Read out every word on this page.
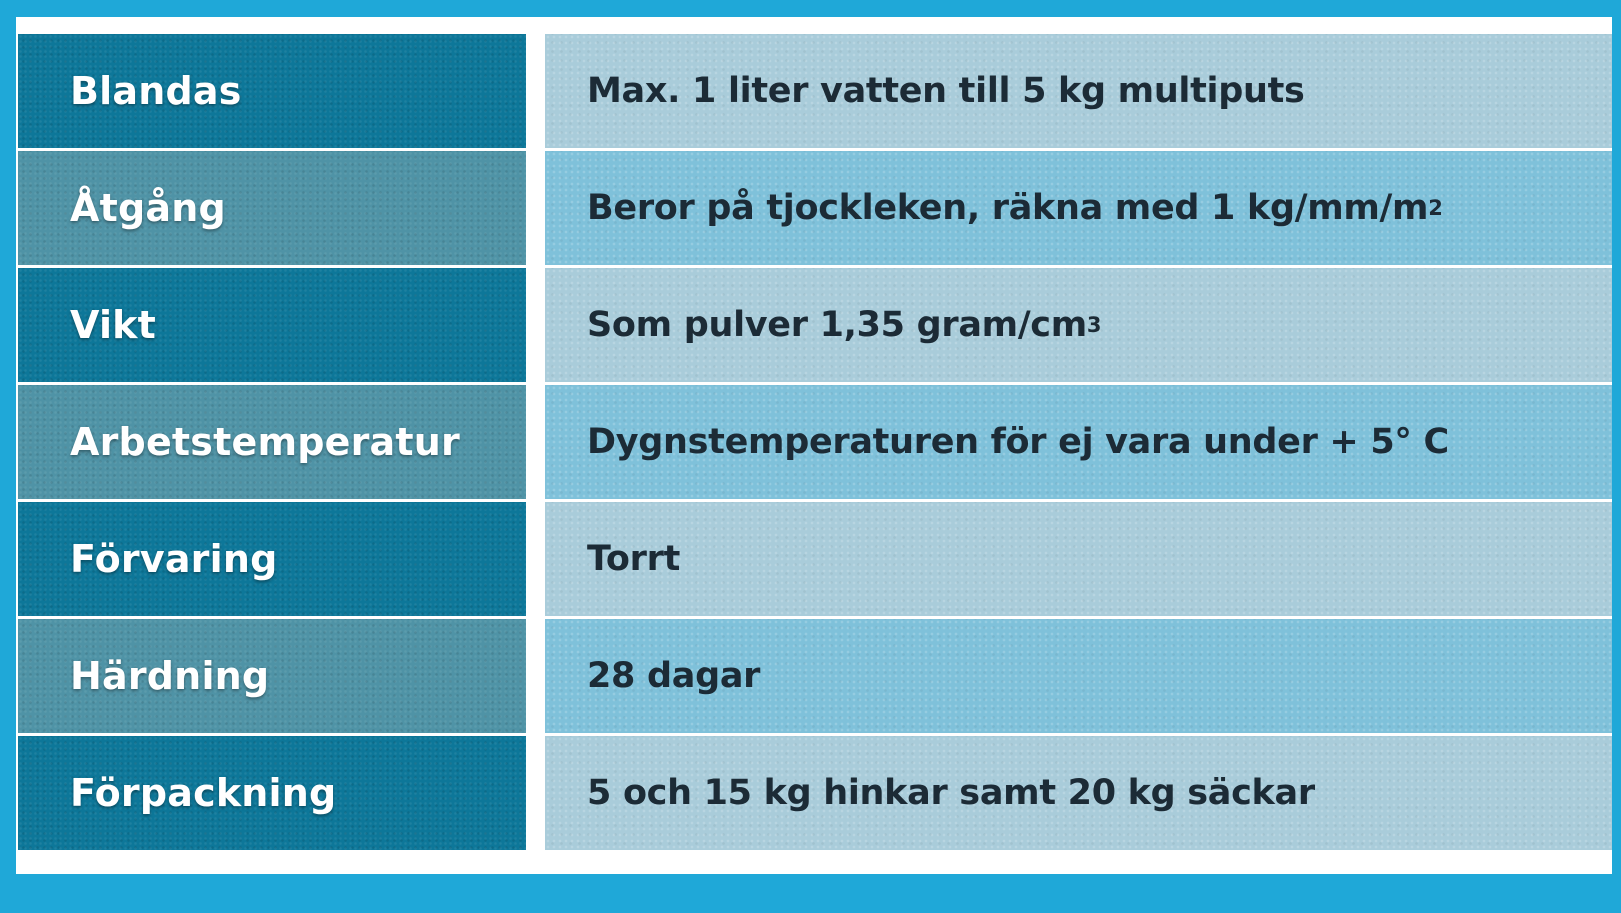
Blandas	Max. 1 liter vatten till 5 kg multiputs
Åtgång	Beror på tjockleken, räkna med 1 kg/mm/m 2
Vikt	Som pulver 1,35 gram/cm 3
Arbetstemperatur	Dygnstemperaturen för ej vara under + 5° C
Förvaring	Torrt
Härdning	28 dagar
Förpackning	5 och 15 kg hinkar samt 20 kg säckar
